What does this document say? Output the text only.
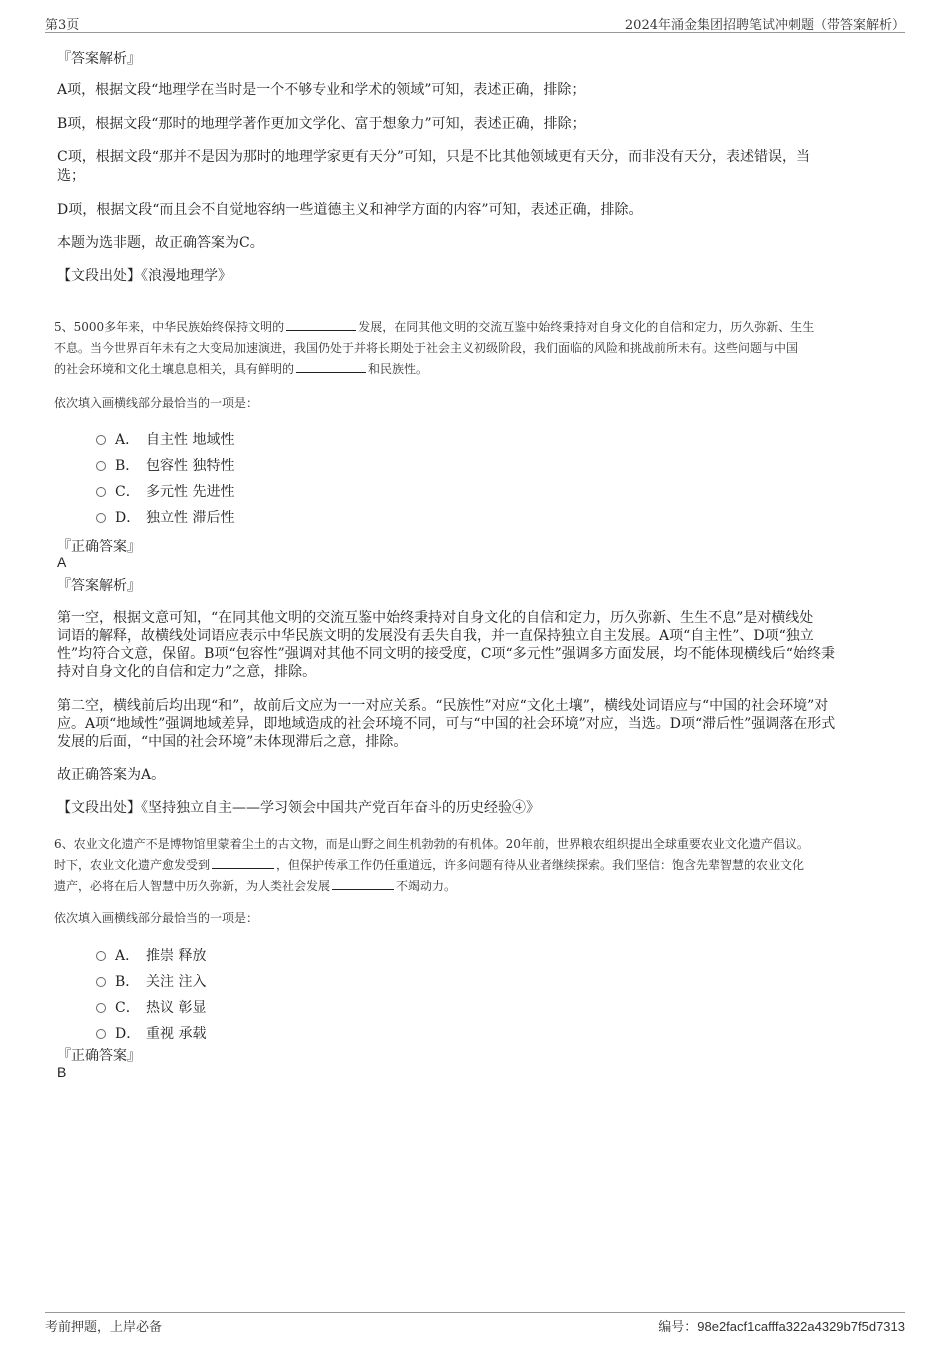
第3页	2024年涌金集团招聘笔试冲刺题（带答案解析）
『答案解析』
A项，根据文段“地理学在当时是一个不够专业和学术的领域”可知，表述正确，排除；
B项，根据文段“那时的地理学著作更加文学化、富于想象力”可知，表述正确，排除；
C项，根据文段“那并不是因为那时的地理学家更有天分”可知，只是不比其他领域更有天分，而非没有天分，表述错误，当
选；
D项，根据文段“而且会不自觉地容纳一些道德主义和神学方面的内容”可知，表述正确，排除。
本题为选非题，故正确答案为C。
【文段出处】《浪漫地理学》
5、5000多年来，中华民族始终保持文明的	发展，在同其他文明的交流互鉴中始终秉持对自身文化的自信和定力，历久弥新、生生
不息。当今世界百年未有之大变局加速演进，我国仍处于并将长期处于社会主义初级阶段，我们面临的风险和挑战前所未有。这些问题与中国
的社会环境和文化土壤息息相关，具有鲜明的	和民族性。
依次填入画横线部分最恰当的一项是：
A． 自主性 地域性
B． 包容性 独特性
C． 多元性 先进性
D． 独立性 滞后性
『正确答案』
A
『答案解析』
第一空，根据文意可知，“在同其他文明的交流互鉴中始终秉持对自身文化的自信和定力，历久弥新、生生不息”是对横线处
词语的解释，故横线处词语应表示中华民族文明的发展没有丢失自我，并一直保持独立自主发展。A项“自主性”、D项“独立
性”均符合文意，保留。B项“包容性”强调对其他不同文明的接受度，C项“多元性”强调多方面发展，均不能体现横线后“始终秉
持对自身文化的自信和定力”之意，排除。
第二空，横线前后均出现“和”，故前后文应为一一对应关系。“民族性”对应“文化土壤”，横线处词语应与“中国的社会环境”对
应。A项“地域性”强调地域差异，即地域造成的社会环境不同，可与“中国的社会环境”对应，当选。D项“滞后性”强调落在形式
发展的后面，“中国的社会环境”未体现滞后之意，排除。
故正确答案为A。
【文段出处】《坚持独立自主——学习领会中国共产党百年奋斗的历史经验④》
6、农业文化遗产不是博物馆里蒙着尘土的古文物，而是山野之间生机勃勃的有机体。20年前，世界粮农组织提出全球重要农业文化遗产倡议。
时下，农业文化遗产愈发受到	，但保护传承工作仍任重道远，许多问题有待从业者继续探索。我们坚信：饱含先辈智慧的农业文化
遗产，必将在后人智慧中历久弥新，为人类社会发展	不竭动力。
依次填入画横线部分最恰当的一项是：
A． 推崇 释放
B． 关注 注入
C． 热议 彰显
D． 重视 承载
『正确答案』
B
考前押题，上岸必备	编号：98e2facf1cafffa322a4329b7f5d7313
